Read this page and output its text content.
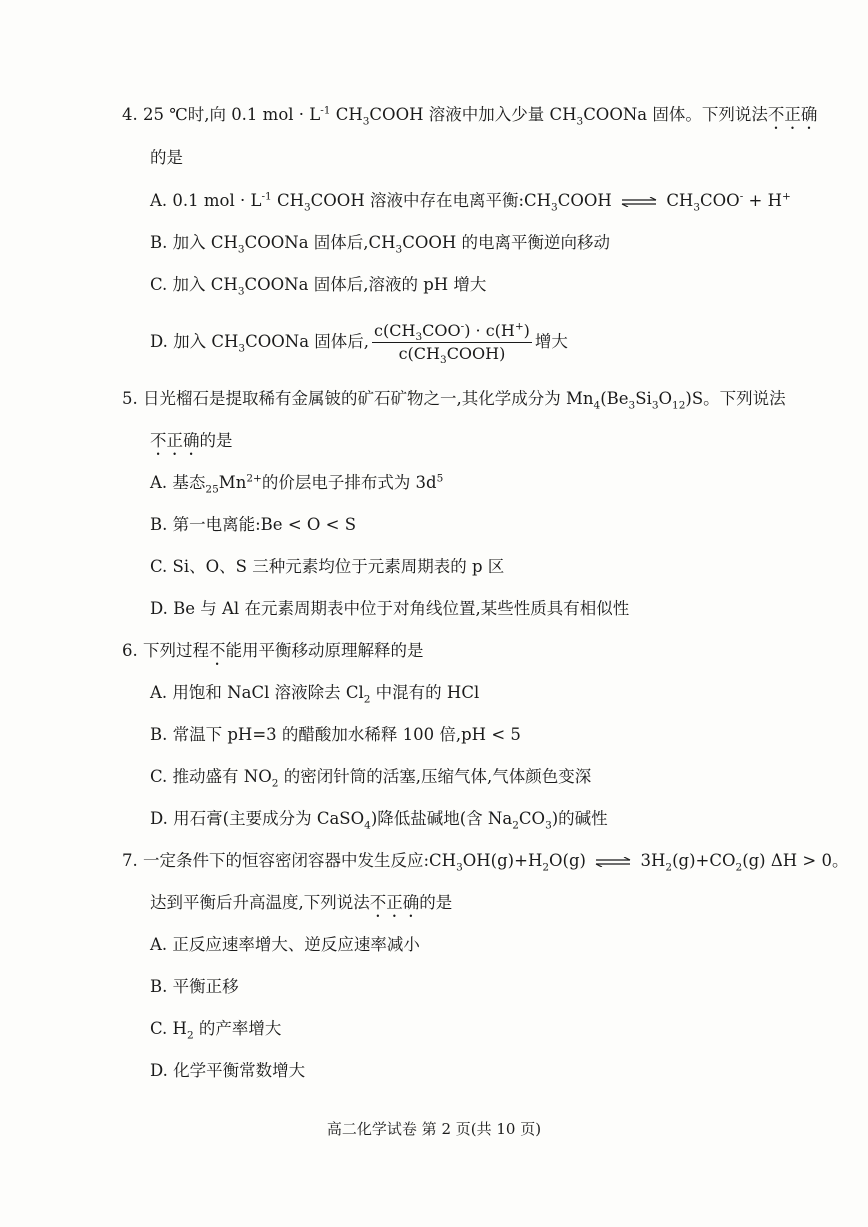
4. 25 ℃时,向 0.1 mol · $L^{-1}$ $CH_3COOH$ 溶液中加入少量 $CH_3COONa$ 固体。下列说法不正确
的是
A. 0.1 mol · $L^{-1}$ $CH_3COOH$ 溶液中存在电离平衡$:CH_3COOH$ ⇌ $CH_3COO^- + H^+$
B. 加入 $CH_3COONa$ 固体后$,CH_3COOH$ 的电离平衡逆向移动
C. 加入 $CH_3COONa$ 固体后,溶液的 pH 增大
D. 加入 $CH_3COONa$ 固体后, $\frac{c(CH_3COO^-) \cdot c(H^+)}{c(CH_3COOH)}$ 增大
5. 日光榴石是提取稀有金属铍的矿石矿物之一,其化学成分为 $Mn_4(Be_3Si_3O_{12})S$。下列说法
不正确的是
A. 基态$_{25}Mn^{2+}$的价层电子排布式为 $3d^5$
B. 第一电离能:Be < O < S
C. Si、O、S 三种元素均位于元素周期表的 p 区
D. Be 与 Al 在元素周期表中位于对角线位置,某些性质具有相似性
6. 下列过程不能用平衡移动原理解释的是
A. 用饱和 NaCl 溶液除去 $Cl_2$ 中混有的 HCl
B. 常温下 pH=3 的醋酸加水稀释 100 倍,pH < 5
C. 推动盛有 $NO_2$ 的密闭针筒的活塞,压缩气体,气体颜色变深
D. 用石膏(主要成分为 CaSO$_4$)降低盐碱地(含 $Na_2CO_3$)的碱性
7. 一定条件下的恒容密闭容器中发生反应$:CH_3OH(g)+H_2O(g)$ ⇌ $3H_2(g)+CO_2(g) \Delta H > 0$。
达到平衡后升高温度,下列说法不正确的是
A. 正反应速率增大、逆反应速率减小
B. 平衡正移
C. $H_2$ 的产率增大
D. 化学平衡常数增大
高二化学试卷 第 2 页(共 10 页)
